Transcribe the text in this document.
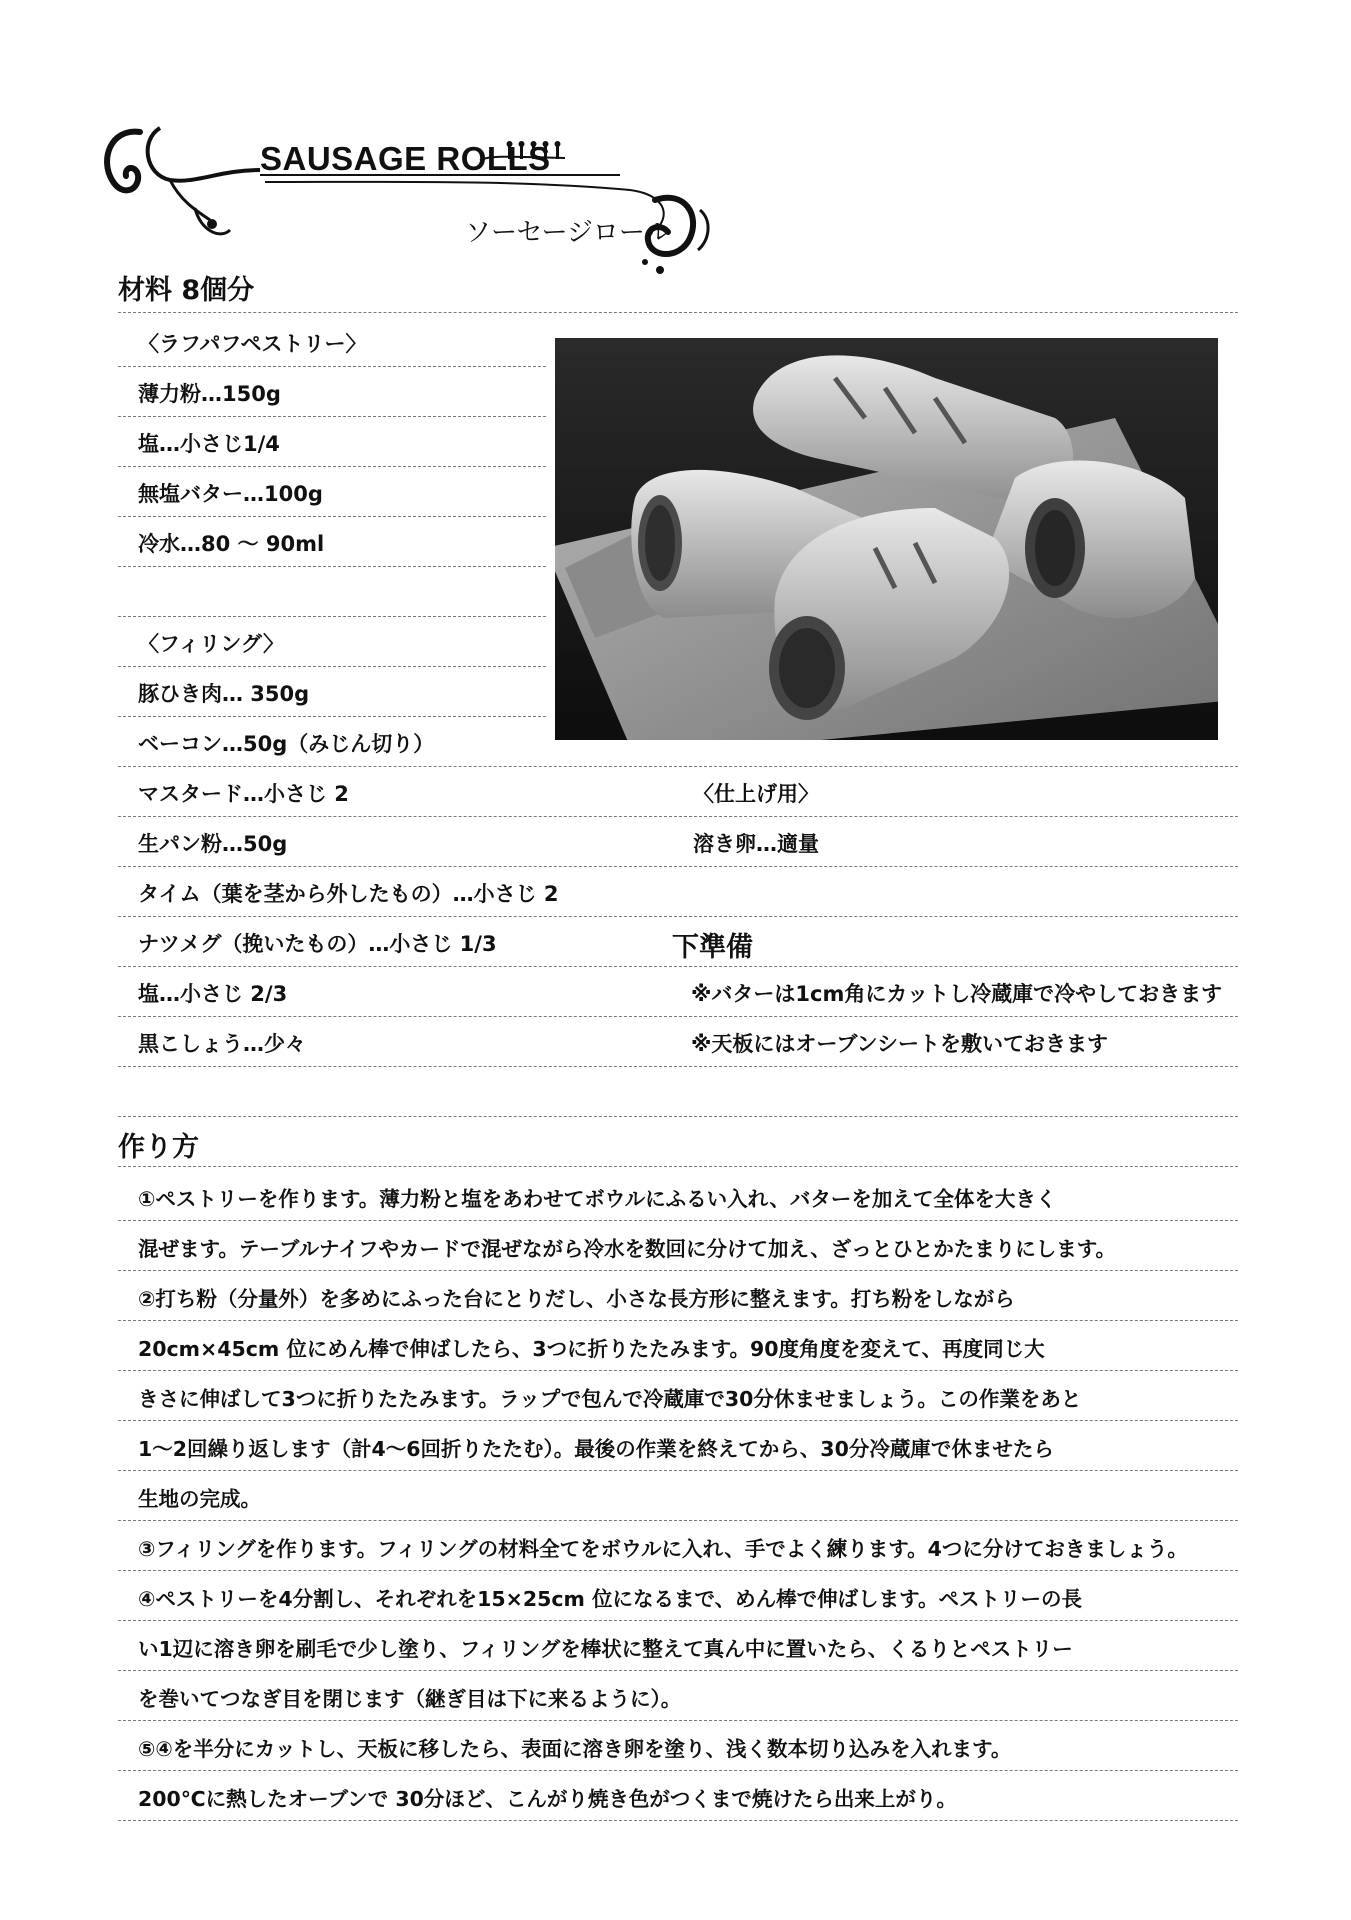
SAUSAGE ROLLS
ソーセージロール
材料 8個分
〈ラフパフペストリー〉
薄力粉…150g
塩…小さじ1/4
無塩バター…100g
冷水…80 ～ 90ml
〈フィリング〉
豚ひき肉… 350g
ベーコン…50g（みじん切り）
マスタード…小さじ 2
生パン粉…50g
タイム（葉を茎から外したもの）…小さじ 2
ナツメグ（挽いたもの）…小さじ 1/3
塩…小さじ 2/3
黒こしょう…少々
〈仕上げ用〉
溶き卵…適量
下準備
※バターは1cm角にカットし冷蔵庫で冷やしておきます
※天板にはオーブンシートを敷いておきます
作り方
①ペストリーを作ります。薄力粉と塩をあわせてボウルにふるい入れ、バターを加えて全体を大きく
混ぜます。テーブルナイフやカードで混ぜながら冷水を数回に分けて加え、ざっとひとかたまりにします。
②打ち粉（分量外）を多めにふった台にとりだし、小さな長方形に整えます。打ち粉をしながら
20cm×45cm 位にめん棒で伸ばしたら、3つに折りたたみます。90度角度を変えて、再度同じ大
きさに伸ばして3つに折りたたみます。ラップで包んで冷蔵庫で30分休ませましょう。この作業をあと
1～2回繰り返します（計4～6回折りたたむ）。最後の作業を終えてから、30分冷蔵庫で休ませたら
生地の完成。
③フィリングを作ります。フィリングの材料全てをボウルに入れ、手でよく練ります。4つに分けておきましょう。
④ペストリーを4分割し、それぞれを15×25cm 位になるまで、めん棒で伸ばします。ペストリーの長
い1辺に溶き卵を刷毛で少し塗り、フィリングを棒状に整えて真ん中に置いたら、くるりとペストリー
を巻いてつなぎ目を閉じます（継ぎ目は下に来るように）。
⑤④を半分にカットし、天板に移したら、表面に溶き卵を塗り、浅く数本切り込みを入れます。
200℃に熱したオーブンで 30分ほど、こんがり焼き色がつくまで焼けたら出来上がり。
